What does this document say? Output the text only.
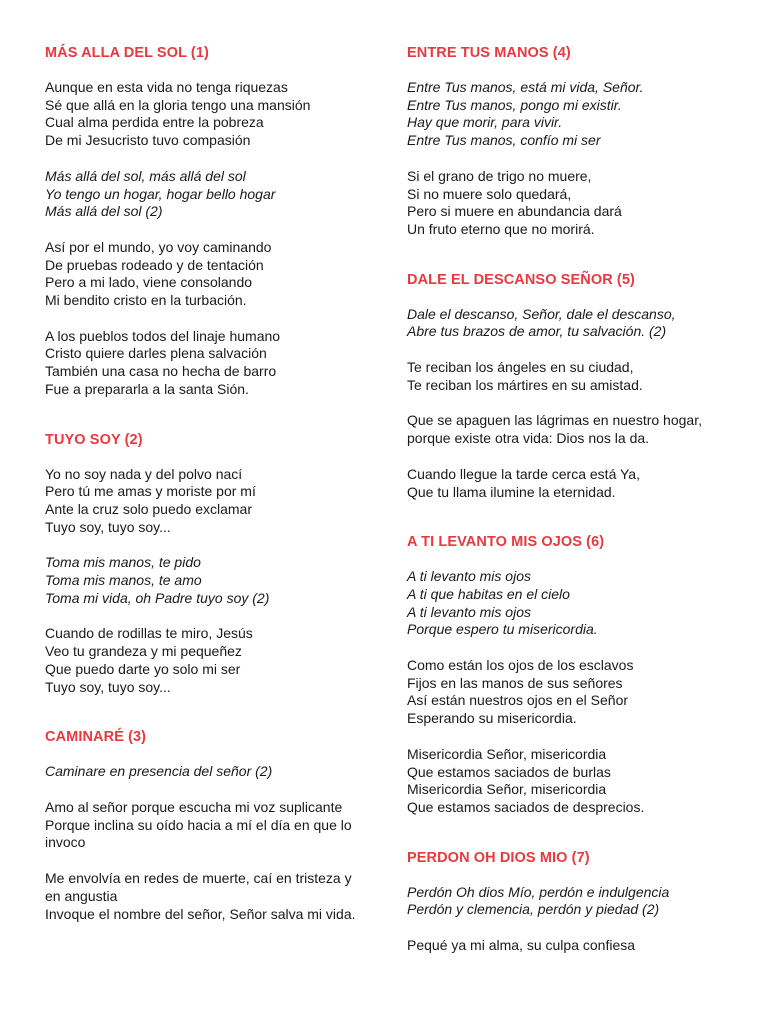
MÁS ALLA DEL SOL (1)
Aunque en esta vida no tenga riquezas
Sé que allá en la gloria tengo una mansión
Cual alma perdida entre la pobreza
De mi Jesucristo tuvo compasión
Más allá del sol, más allá del sol
Yo tengo un hogar, hogar bello hogar
Más allá del sol (2)
Así por el mundo, yo voy caminando
De pruebas rodeado y de tentación
Pero a mi lado, viene consolando
Mi bendito cristo en la turbación.
A los pueblos todos del linaje humano
Cristo quiere darles plena salvación
También una casa no hecha de barro
Fue a prepararla a la santa Sión.
TUYO SOY (2)
Yo no soy nada y del polvo nací
Pero tú me amas y moriste por mí
Ante la cruz solo puedo exclamar
Tuyo soy, tuyo soy...
Toma mis manos, te pido
Toma mis manos, te amo
Toma mi vida, oh Padre tuyo soy (2)
Cuando de rodillas te miro, Jesús
Veo tu grandeza y mi pequeñez
Que puedo darte yo solo mi ser
Tuyo soy, tuyo soy...
CAMINARÉ (3)
Caminare en presencia del señor (2)
Amo al señor porque escucha mi voz suplicante
Porque inclina su oído hacia a mí el día en que lo invoco
Me envolvía en redes de muerte, caí en tristeza y en angustia
Invoque el nombre del señor, Señor salva mi vida.
ENTRE TUS MANOS (4)
Entre Tus manos, está mi vida, Señor.
Entre Tus manos, pongo mi existir.
Hay que morir, para vivir.
Entre Tus manos, confío mi ser
Si el grano de trigo no muere,
Si no muere solo quedará,
Pero si muere en abundancia dará
Un fruto eterno que no morirá.
DALE EL DESCANSO SEÑOR (5)
Dale el descanso, Señor, dale el descanso,
Abre tus brazos de amor, tu salvación. (2)
Te reciban los ángeles en su ciudad,
Te reciban los mártires en su amistad.
Que se apaguen las lágrimas en nuestro hogar, porque existe otra vida: Dios nos la da.
Cuando llegue la tarde cerca está Ya,
Que tu llama ilumine la eternidad.
A TI LEVANTO MIS OJOS (6)
A ti levanto mis ojos
A ti que habitas en el cielo
A ti levanto mis ojos
Porque espero tu misericordia.
Como están los ojos de los esclavos
Fijos en las manos de sus señores
Así están nuestros ojos en el Señor
Esperando su misericordia.
Misericordia Señor, misericordia
Que estamos saciados de burlas
Misericordia Señor, misericordia
Que estamos saciados de desprecios.
PERDON OH DIOS MIO (7)
Perdón Oh dios Mío, perdón e indulgencia
Perdón y clemencia, perdón y piedad (2)
Pequé ya mi alma, su culpa confiesa
